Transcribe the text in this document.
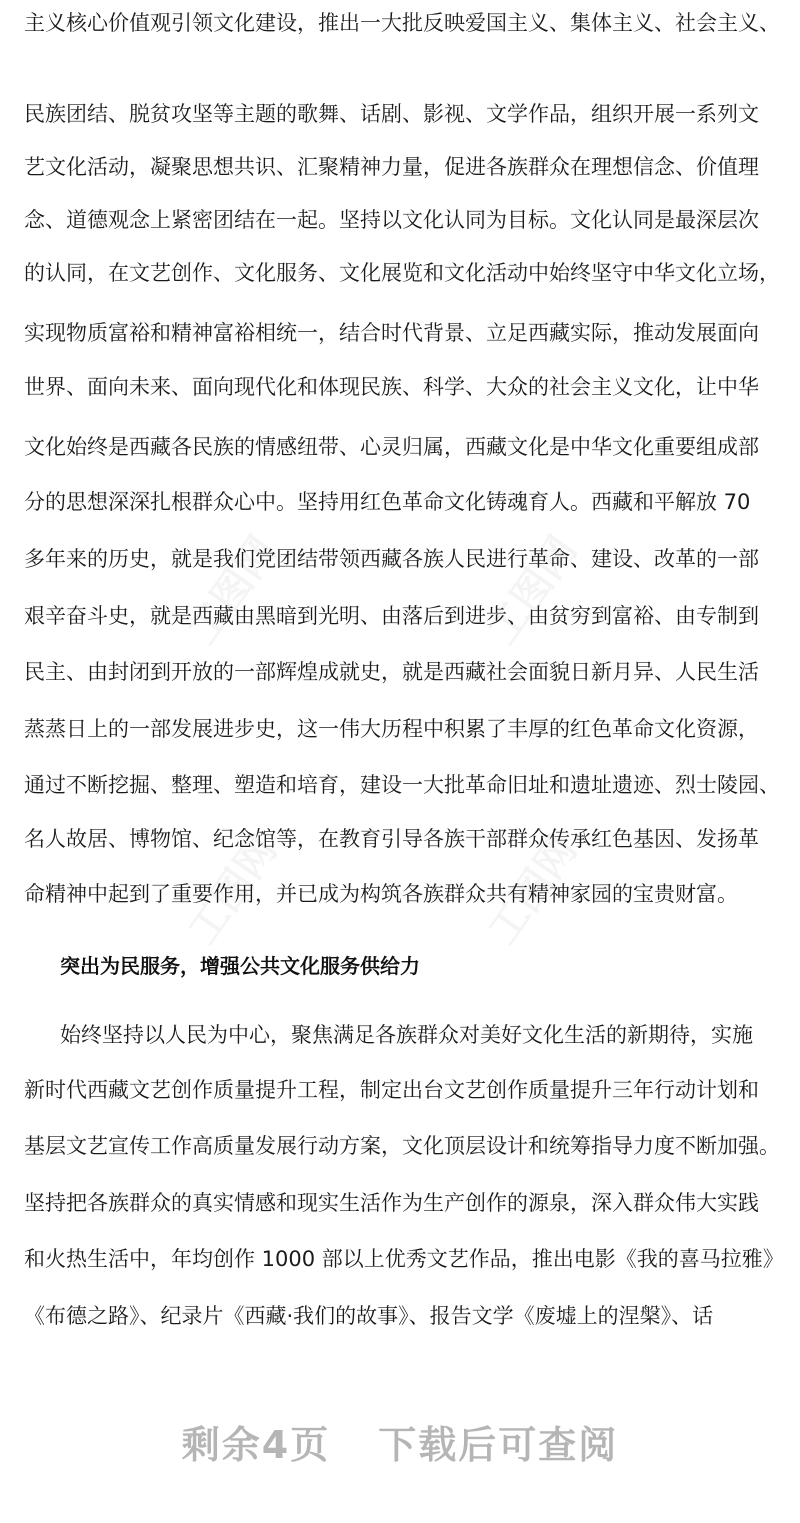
主义核心价值观引领文化建设，推出一大批反映爱国主义、集体主义、社会主义、
民族团结、脱贫攻坚等主题的歌舞、话剧、影视、文学作品，组织开展一系列文
艺文化活动，凝聚思想共识、汇聚精神力量，促进各族群众在理想信念、价值理
念、道德观念上紧密团结在一起。坚持以文化认同为目标。文化认同是最深层次
的认同，在文艺创作、文化服务、文化展览和文化活动中始终坚守中华文化立场，
实现物质富裕和精神富裕相统一，结合时代背景、立足西藏实际，推动发展面向
世界、面向未来、面向现代化和体现民族、科学、大众的社会主义文化，让中华
文化始终是西藏各民族的情感纽带、心灵归属，西藏文化是中华文化重要组成部
分的思想深深扎根群众心中。坚持用红色革命文化铸魂育人。西藏和平解放 70
多年来的历史，就是我们党团结带领西藏各族人民进行革命、建设、改革的一部
艰辛奋斗史，就是西藏由黑暗到光明、由落后到进步、由贫穷到富裕、由专制到
民主、由封闭到开放的一部辉煌成就史，就是西藏社会面貌日新月异、人民生活
蒸蒸日上的一部发展进步史，这一伟大历程中积累了丰厚的红色革命文化资源，
通过不断挖掘、整理、塑造和培育，建设一大批革命旧址和遗址遗迹、烈士陵园、
名人故居、博物馆、纪念馆等，在教育引导各族干部群众传承红色基因、发扬革
命精神中起到了重要作用，并已成为构筑各族群众共有精神家园的宝贵财富。
突出为民服务，增强公共文化服务供给力
始终坚持以人民为中心，聚焦满足各族群众对美好文化生活的新期待，实施
新时代西藏文艺创作质量提升工程，制定出台文艺创作质量提升三年行动计划和
基层文艺宣传工作高质量发展行动方案，文化顶层设计和统筹指导力度不断加强。
坚持把各族群众的真实情感和现实生活作为生产创作的源泉，深入群众伟大实践
和火热生活中，年均创作 1000 部以上优秀文艺作品，推出电影《我的喜马拉雅》
《布德之路》、纪录片《西藏·我们的故事》、报告文学《废墟上的涅槃》、话
剩余4页 下载后可查阅
